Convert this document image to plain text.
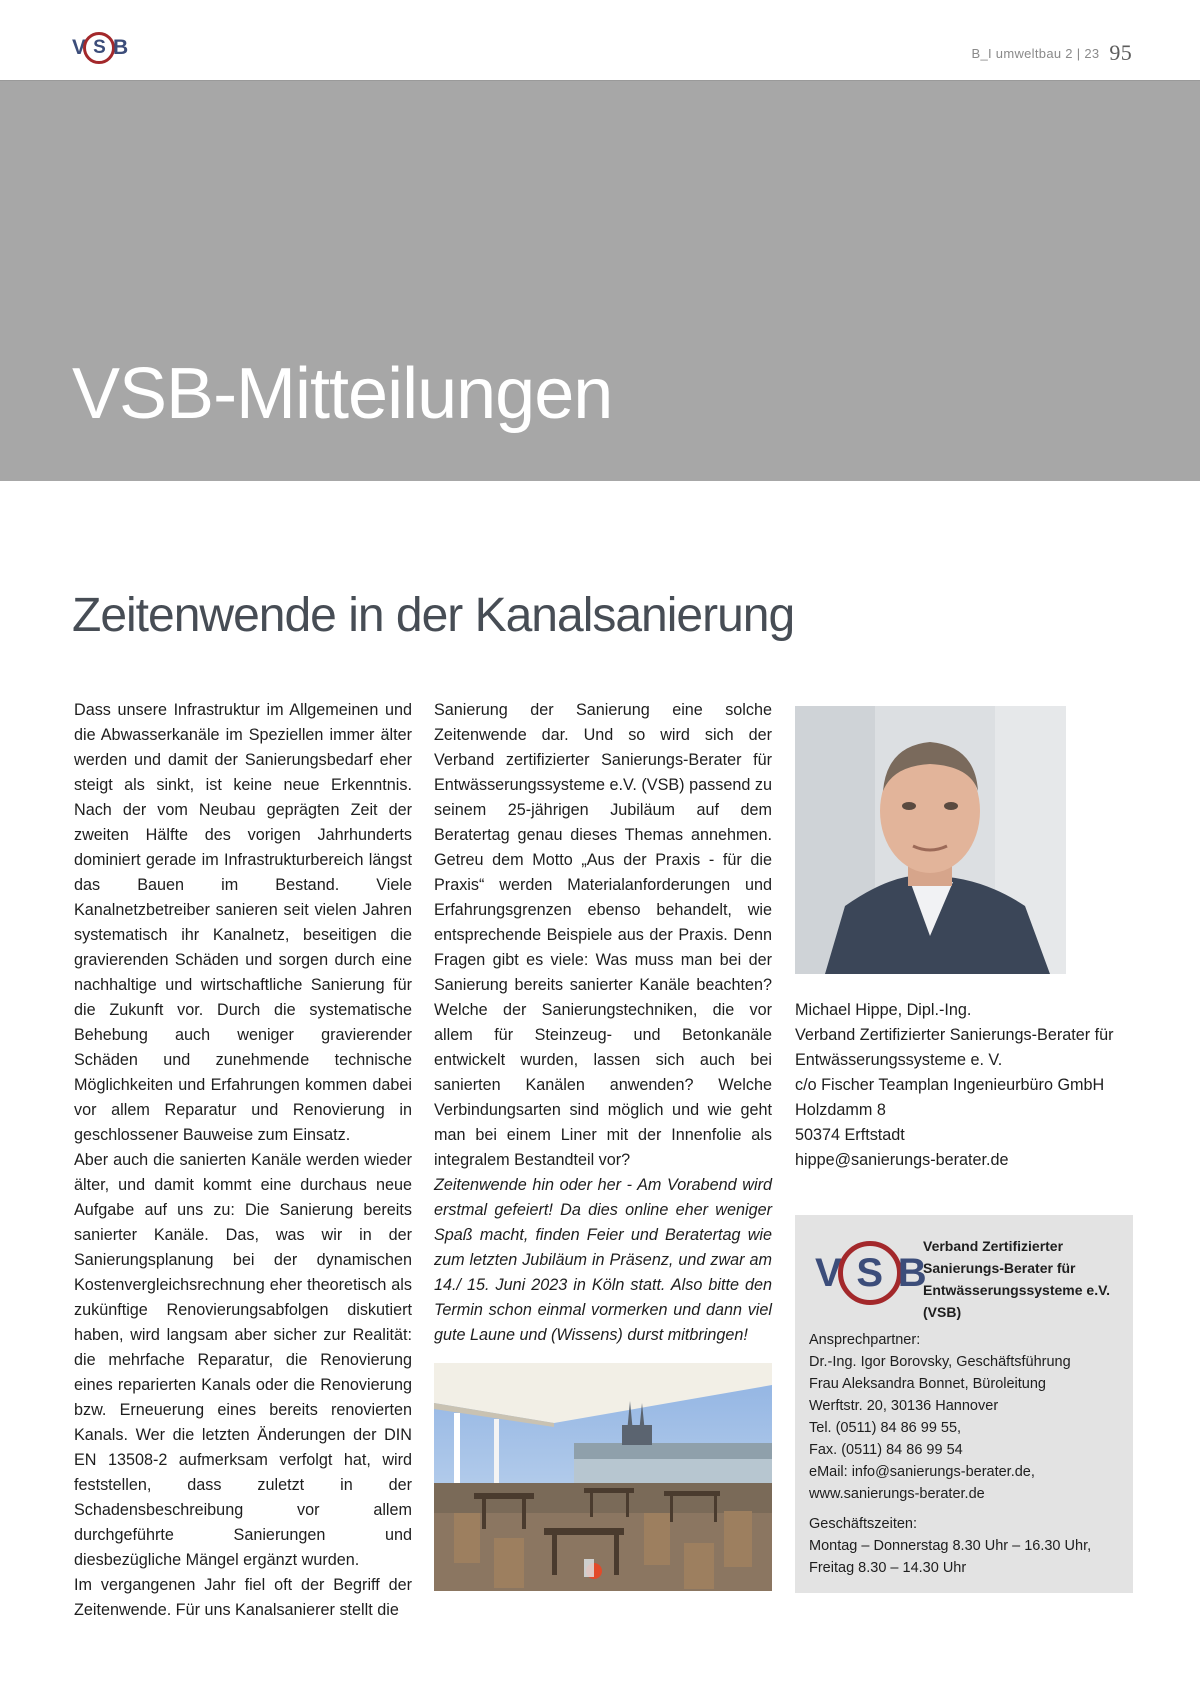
V S B	B_I umweltbau 2 | 23 95
VSB-Mitteilungen
Zeitenwende in der Kanalsanierung

Dass unsere Infrastruktur im Allgemeinen und die Abwasserkanäle im Speziellen immer älter werden und damit der Sanierungsbedarf eher steigt als sinkt, ist keine neue Erkenntnis. Nach der vom Neubau geprägten Zeit der zweiten Hälfte des vorigen Jahrhunderts dominiert gerade im Infrastrukturbereich längst das Bauen im Bestand. Viele Kanalnetzbetreiber sanieren seit vielen Jahren systematisch ihr Kanalnetz, beseitigen die gravierenden Schäden und sorgen durch eine nachhaltige und wirtschaftliche Sanierung für die Zukunft vor. Durch die systematische Behebung auch weniger gravierender Schäden und zunehmende technische Möglichkeiten und Erfahrungen kommen dabei vor allem Reparatur und Renovierung in geschlossener Bauweise zum Einsatz.

Aber auch die sanierten Kanäle werden wieder älter, und damit kommt eine durchaus neue Aufgabe auf uns zu: Die Sanierung bereits sanierter Kanäle. Das, was wir in der Sanierungsplanung bei der dynamischen Kostenvergleichsrechnung eher theoretisch als zukünftige Renovierungsabfolgen diskutiert haben, wird langsam aber sicher zur Realität: die mehrfache Reparatur, die Renovierung eines reparierten Kanals oder die Renovierung bzw. Erneuerung eines bereits renovierten Kanals. Wer die letzten Änderungen der DIN EN 13508-2 aufmerksam verfolgt hat, wird feststellen, dass zuletzt in der Schadensbeschreibung vor allem durchgeführte Sanierungen und diesbezügliche Mängel ergänzt wurden.

Im vergangenen Jahr fiel oft der Begriff der Zeitenwende. Für uns Kanalsanierer stellt die

Sanierung der Sanierung eine solche Zeitenwende dar. Und so wird sich der Verband zertifizierter Sanierungs-Berater für Entwässerungssysteme e.V. (VSB) passend zu seinem 25-jährigen Jubiläum auf dem Beratertag genau dieses Themas annehmen. Getreu dem Motto „Aus der Praxis - für die Praxis“ werden Materialanforderungen und Erfahrungsgrenzen ebenso behandelt, wie entsprechende Beispiele aus der Praxis. Denn Fragen gibt es viele: Was muss man bei der Sanierung bereits sanierter Kanäle beachten? Welche der Sanierungstechniken, die vor allem für Steinzeug- und Betonkanäle entwickelt wurden, lassen sich auch bei sanierten Kanälen anwenden? Welche Verbindungsarten sind möglich und wie geht man bei einem Liner mit der Innenfolie als integralem Bestandteil vor?

Zeitenwende hin oder her - Am Vorabend wird erstmal gefeiert! Da dies online eher weniger Spaß macht, finden Feier und Beratertag wie zum letzten Jubiläum in Präsenz, und zwar am 14./ 15. Juni 2023 in Köln statt. Also bitte den Termin schon einmal vormerken und dann viel gute Laune und (Wissens) durst mitbringen!

Michael Hippe, Dipl.-Ing.
Verband Zertifizierter Sanierungs-Berater für
Entwässerungssysteme e. V.
c/o Fischer Teamplan Ingenieurbüro GmbH
Holzdamm 8
50374 Erftstadt
hippe@sanierungs-berater.de
V S B
Verband Zertifizierter
Sanierungs-Berater für
Entwässerungssysteme e.V.
(VSB)
Ansprechpartner:
Dr.-Ing. Igor Borovsky, Geschäftsführung
Frau Aleksandra Bonnet, Büroleitung
Werftstr. 20, 30136 Hannover
Tel. (0511) 84 86 99 55,
Fax. (0511) 84 86 99 54
eMail: info@sanierungs-berater.de,
www.sanierungs-berater.de
Geschäftszeiten:
Montag – Donnerstag 8.30 Uhr – 16.30 Uhr,
Freitag 8.30 – 14.30 Uhr
